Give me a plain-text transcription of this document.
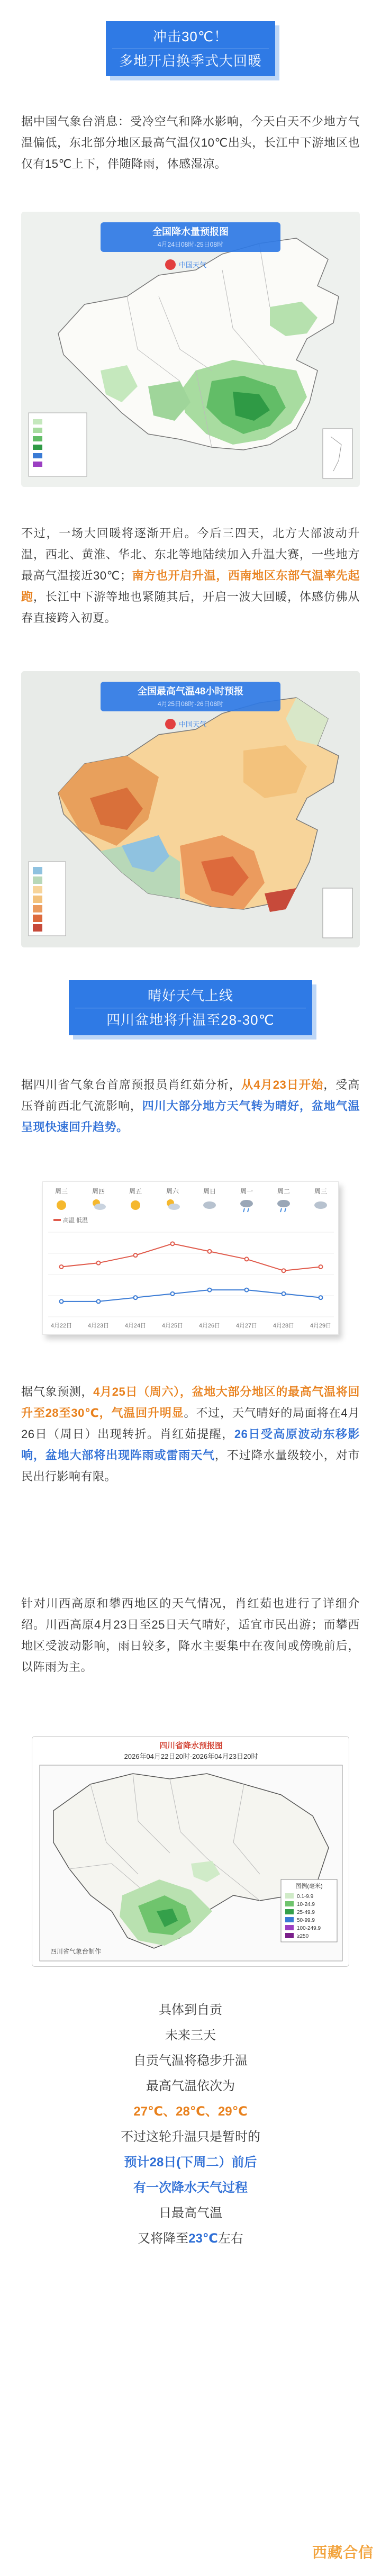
冲击30℃！
多地开启换季式大回暖
据中国气象台消息：受冷空气和降水影响，今天白天不少地方气温偏低，东北部分地区最高气温仅10℃出头，长江中下游地区也仅有15℃上下，伴随降雨，体感湿凉。
全国降水量预报图
4月24日08时-25日08时
中国天气
不过，一场大回暖将逐渐开启。今后三四天，北方大部波动升温，西北、黄淮、华北、东北等地陆续加入升温大赛，一些地方最高气温接近30℃；南方也开启升温，西南地区东部气温率先起跑，长江中下游等地也紧随其后，开启一波大回暖，体感仿佛从春直接跨入初夏。
全国最高气温48小时预报
4月25日08时-26日08时
中国天气
晴好天气上线
四川盆地将升温至28-30℃
据四川省气象台首席预报员肖红茹分析，从4月23日开始，受高压脊前西北气流影响，四川大部分地方天气转为晴好，盆地气温呈现快速回升趋势。
周三
4月22日
周四
4月23日
周五
4月24日
周六
4月25日
周日
4月26日
周一
4月27日
周二
4月28日
周三
4月29日
高温 低温
据气象预测，4月25日（周六），盆地大部分地区的最高气温将回升至28至30℃，气温回升明显。不过，天气晴好的局面将在4月26日（周日）出现转折。肖红茹提醒，26日受高原波动东移影响，盆地大部将出现阵雨或雷雨天气，不过降水量级较小，对市民出行影响有限。
针对川西高原和攀西地区的天气情况，肖红茹也进行了详细介绍。川西高原4月23日至25日天气晴好，适宜市民出游；而攀西地区受波动影响，雨日较多，降水主要集中在夜间或傍晚前后，以阵雨为主。
四川省降水预报图
2026年04月22日20时-2026年04月23日20时
图例(毫米)
0.1-9.9
10-24.9
25-49.9
50-99.9
100-249.9
≥250
四川省气象台制作
具体到自贡
未来三天
自贡气温将稳步升温
最高气温依次为
27℃、28℃、29℃
不过这轮升温只是暂时的
预计28日(下周二）前后
有一次降水天气过程
日最高气温
又将降至23℃左右
西藏合信
